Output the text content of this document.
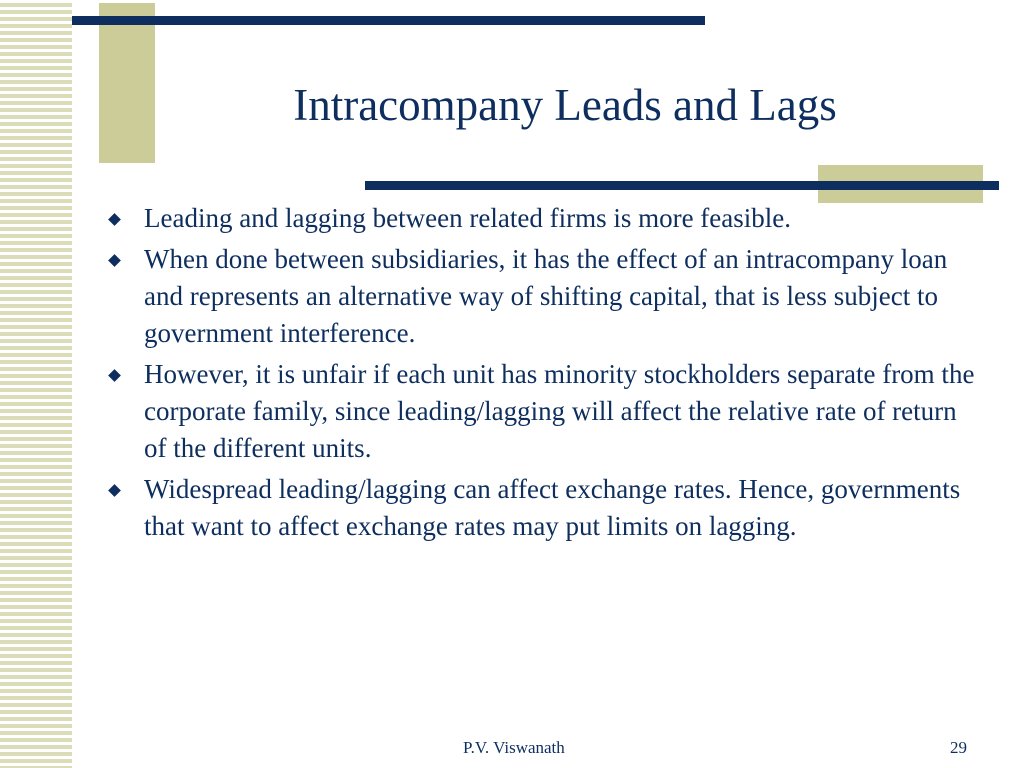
Intracompany Leads and Lags
Leading and lagging between related firms is more feasible.
When done between subsidiaries, it has the effect of an intracompany loan and represents an alternative way of shifting capital, that is less subject to government interference.
However, it is unfair if each unit has minority stockholders separate from the corporate family, since leading/lagging will affect the relative rate of return of the different units.
Widespread leading/lagging can affect exchange rates. Hence, governments that want to affect exchange rates may put limits on lagging.
P.V. Viswanath	29
